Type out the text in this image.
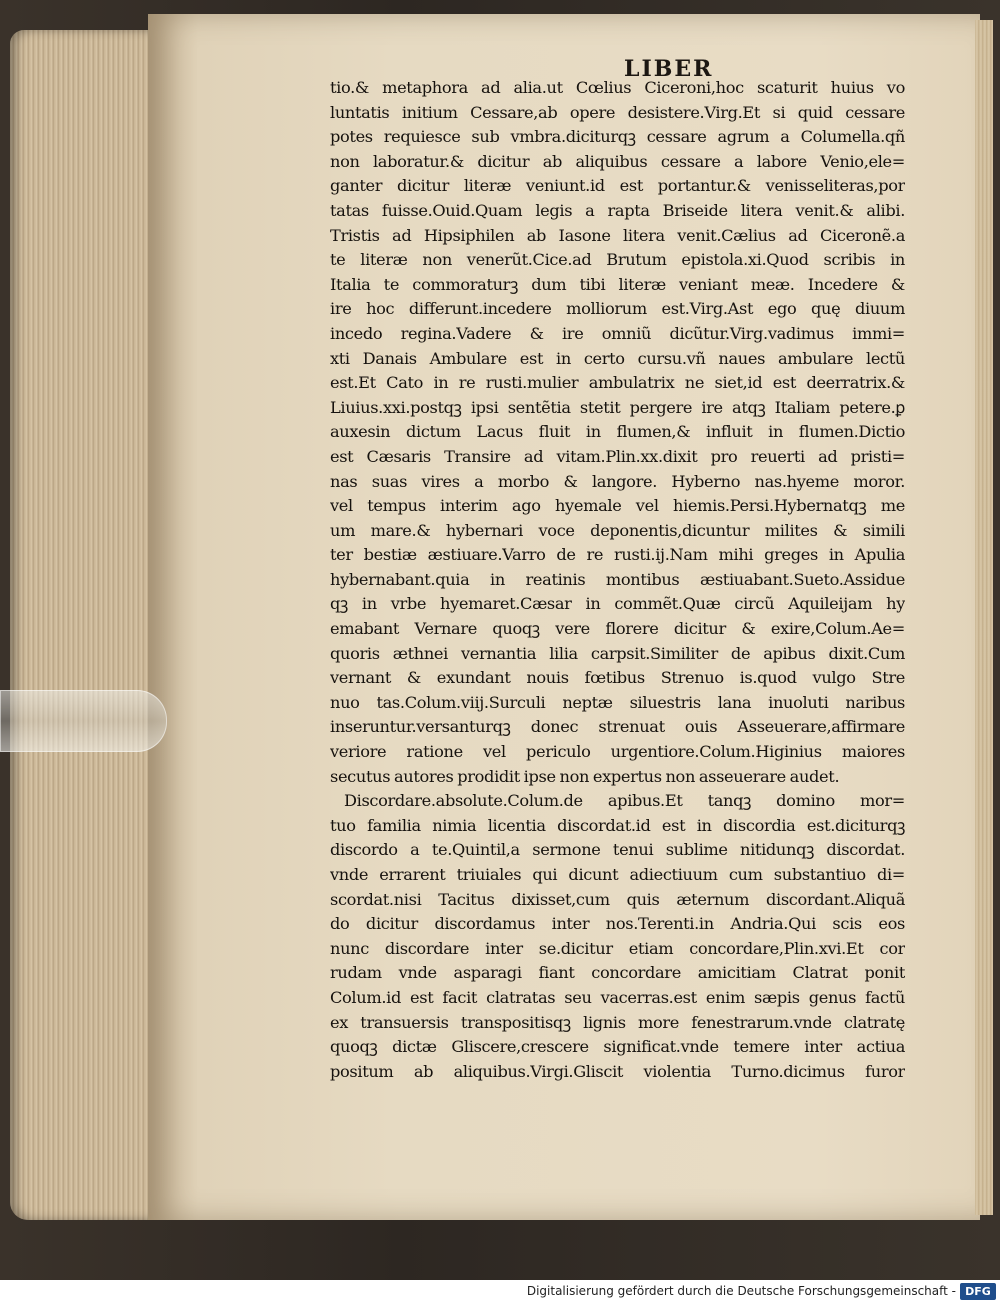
LIBER
tio.& metaphora ad alia.ut Cœlius Ciceroni,hoc scaturit huius vo
luntatis initium Cessare,ab opere desistere.Virg.Et si quid cessare
potes requiesce sub vmbra.diciturqꝫ cessare agrum a Columella.qñ
non laboratur.& dicitur ab aliquibus cessare a labore Venio,ele=
ganter dicitur literæ veniunt.id est portantur.& venisseliteras,por
tatas fuisse.Ouid.Quam legis a rapta Briseide litera venit.& alibi.
Tristis ad Hipsiphilen ab Iasone litera venit.Cælius ad Ciceronẽ.a
te literæ non venerũt.Cice.ad Brutum epistola.xi.Quod scribis in
Italia te commoraturꝫ dum tibi literæ veniant meæ. Incedere &
ire hoc differunt.incedere molliorum est.Virg.Ast ego quę diuum
incedo regina.Vadere & ire omniũ dicũtur.Virg.vadimus immi=
xti Danais Ambulare est in certo cursu.vñ naues ambulare lectũ
est.Et Cato in re rusti.mulier ambulatrix ne siet,id est deerratrix.&
Liuius.xxi.postqꝫ ipsi sentẽtia stetit pergere ire atqꝫ Italiam petere.ꝑ
auxesin dictum Lacus fluit in flumen,& influit in flumen.Dictio
est Cæsaris Transire ad vitam.Plin.xx.dixit pro reuerti ad pristi=
nas suas vires a morbo & langore. Hyberno nas.hyeme moror.
vel tempus interim ago hyemale vel hiemis.Persi.Hybernatqꝫ me
um mare.& hybernari voce deponentis,dicuntur milites & simili
ter bestiæ æstiuare.Varro de re rusti.ij.Nam mihi greges in Apulia
hybernabant.quia in reatinis montibus æstiuabant.Sueto.Assidue
qꝫ in vrbe hyemaret.Cæsar in commẽt.Quæ circũ Aquileijam hy
emabant Vernare quoqꝫ vere florere dicitur & exire,Colum.Ae=
quoris æthnei vernantia lilia carpsit.Similiter de apibus dixit.Cum
vernant & exundant nouis fœtibus Strenuo is.quod vulgo Stre
nuo tas.Colum.viij.Surculi neptæ siluestris lana inuoluti naribus
inseruntur.versanturqꝫ donec strenuat ouis Asseuerare,affirmare
veriore ratione vel periculo urgentiore.Colum.Higinius maiores
secutus autores prodidit ipse non expertus non asseuerare audet.
Discordare.absolute.Colum.de apibus.Et tanqꝫ domino mor=
tuo familia nimia licentia discordat.id est in discordia est.diciturqꝫ
discordo a te.Quintil,a sermone tenui sublime nitidunqꝫ discordat.
vnde errarent triuiales qui dicunt adiectiuum cum substantiuo di=
scordat.nisi Tacitus dixisset,cum quis æternum discordant.Aliquã
do dicitur discordamus inter nos.Terenti.in Andria.Qui scis eos
nunc discordare inter se.dicitur etiam concordare,Plin.xvi.Et cor
rudam vnde asparagi fiant concordare amicitiam Clatrat ponit
Colum.id est facit clatratas seu vacerras.est enim sæpis genus factũ
ex transuersis transpositisqꝫ lignis more fenestrarum.vnde clatratę
quoqꝫ dictæ Gliscere,crescere significat.vnde temere inter actiua
positum ab aliquibus.Virgi.Gliscit violentia Turno.dicimus furor
Digitalisierung gefördert durch die Deutsche Forschungsgemeinschaft - DFG
